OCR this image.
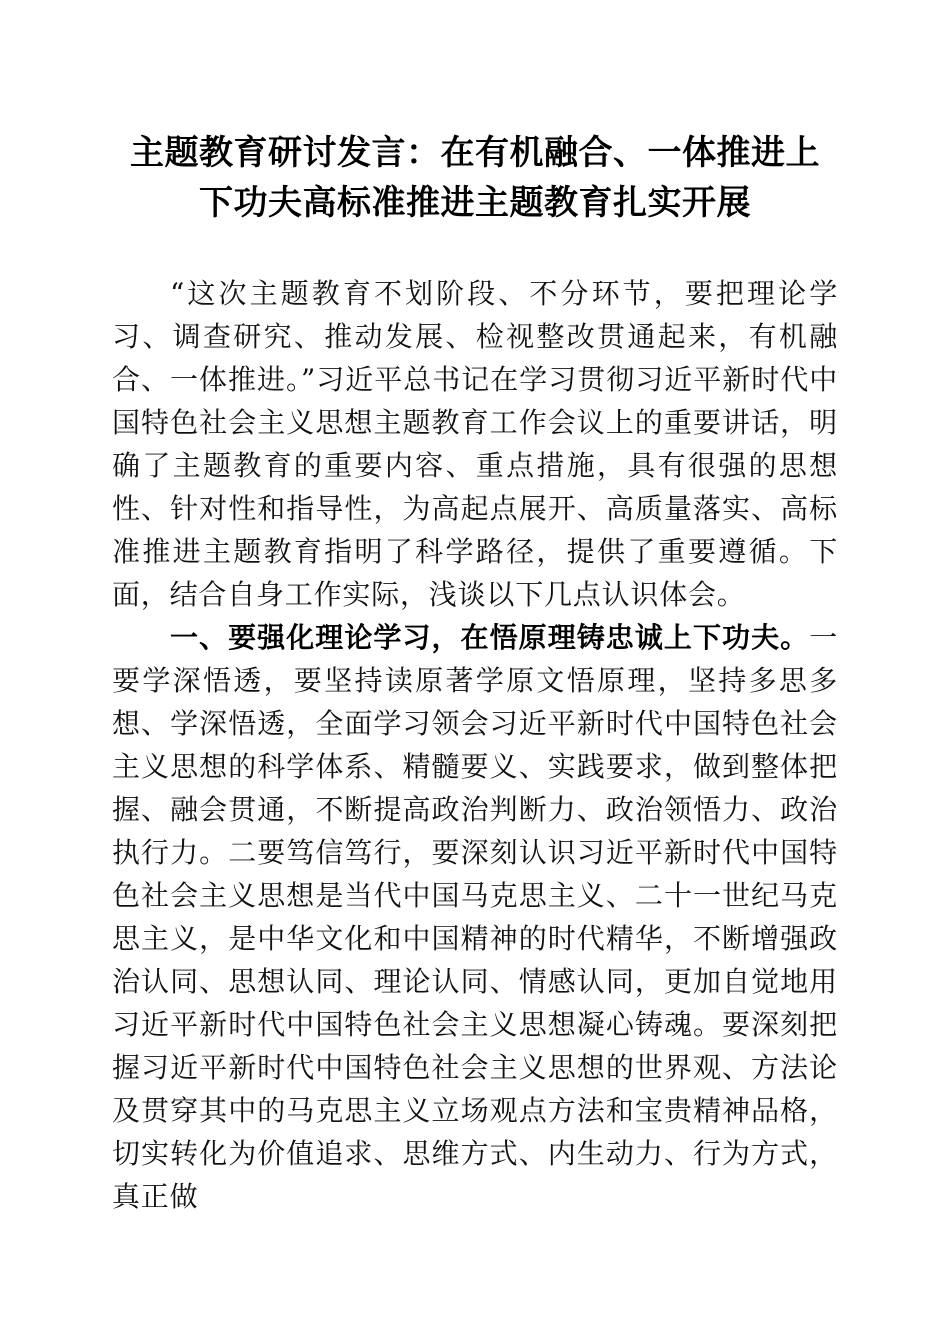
主题教育研讨发言：在有机融合、一体推进上
下功夫高标准推进主题教育扎实开展

“这次主题教育不划阶段、不分环节，要把理论学习、调查研究、推动发展、检视整改贯通起来，有机融合、一体推进。”习近平总书记在学习贯彻习近平新时代中国特色社会主义思想主题教育工作会议上的重要讲话，明确了主题教育的重要内容、重点措施，具有很强的思想性、针对性和指导性，为高起点展开、高质量落实、高标准推进主题教育指明了科学路径，提供了重要遵循。下面，结合自身工作实际，浅谈以下几点认识体会。

一、要强化理论学习，在悟原理铸忠诚上下功夫。一要学深悟透，要坚持读原著学原文悟原理，坚持多思多想、学深悟透，全面学习领会习近平新时代中国特色社会主义思想的科学体系、精髓要义、实践要求，做到整体把握、融会贯通，不断提高政治判断力、政治领悟力、政治执行力。二要笃信笃行，要深刻认识习近平新时代中国特色社会主义思想是当代中国马克思主义、二十一世纪马克思主义，是中华文化和中国精神的时代精华，不断增强政治认同、思想认同、理论认同、情感认同，更加自觉地用习近平新时代中国特色社会主义思想凝心铸魂。要深刻把握习近平新时代中国特色社会主义思想的世界观、方法论及贯穿其中的马克思主义立场观点方法和宝贵精神品格，切实转化为价值追求、思维方式、内生动力、行为方式，真正做
